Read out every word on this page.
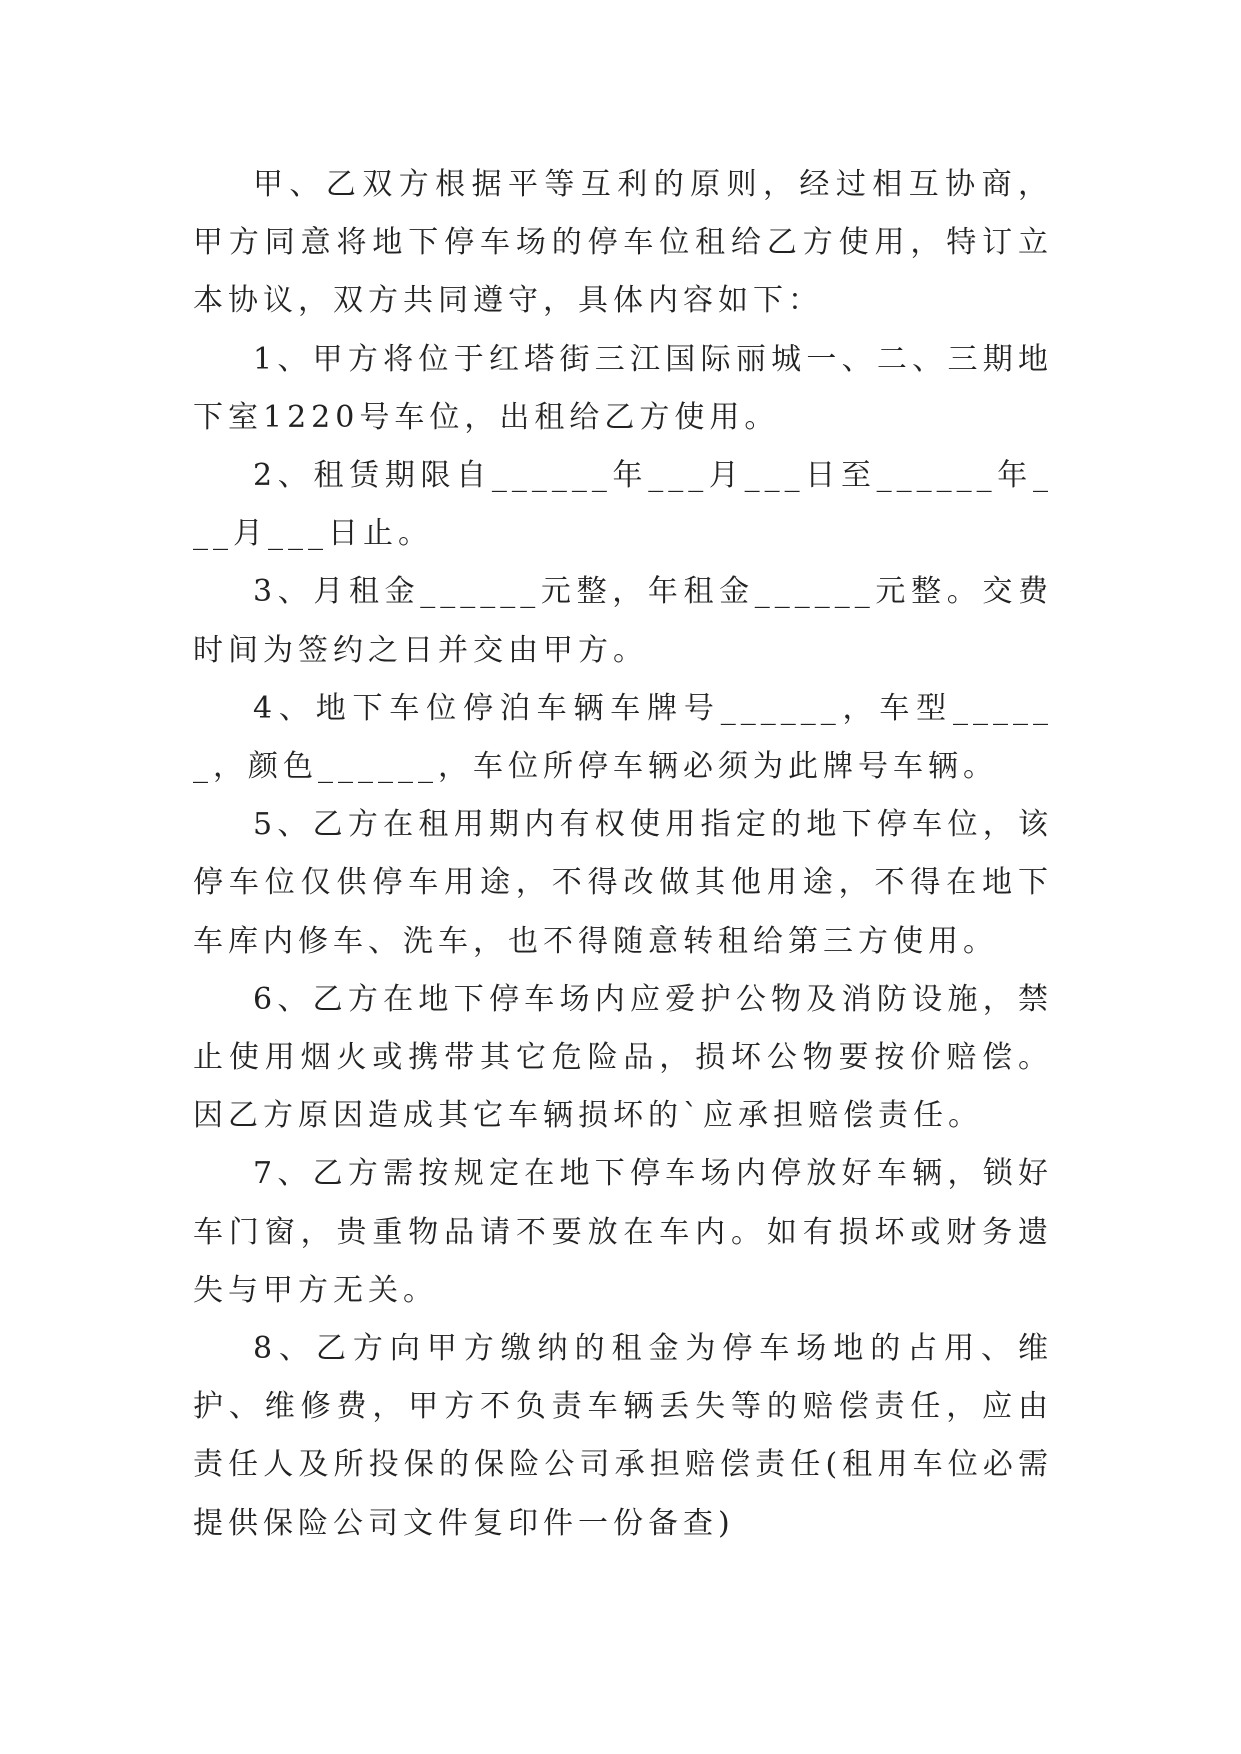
甲、乙双方根据平等互利的原则，经过相互协商，甲方同意将地下停车场的停车位租给乙方使用，特订立本协议，双方共同遵守，具体内容如下：

1、甲方将位于红塔街三江国际丽城一、二、三期地下室1220号车位，出租给乙方使用。

2、租赁期限自______年___月___日至______年___月___日止。

3、月租金______元整，年租金______元整。交费时间为签约之日并交由甲方。

4、地下车位停泊车辆车牌号______，车型______，颜色______，车位所停车辆必须为此牌号车辆。

5、乙方在租用期内有权使用指定的地下停车位，该停车位仅供停车用途，不得改做其他用途，不得在地下车库内修车、洗车，也不得随意转租给第三方使用。

6、乙方在地下停车场内应爱护公物及消防设施，禁止使用烟火或携带其它危险品，损坏公物要按价赔偿。因乙方原因造成其它车辆损坏的`应承担赔偿责任。

7、乙方需按规定在地下停车场内停放好车辆，锁好车门窗，贵重物品请不要放在车内。如有损坏或财务遗失与甲方无关。

8、乙方向甲方缴纳的租金为停车场地的占用、维护、维修费，甲方不负责车辆丢失等的赔偿责任，应由责任人及所投保的保险公司承担赔偿责任(租用车位必需提供保险公司文件复印件一份备查)
